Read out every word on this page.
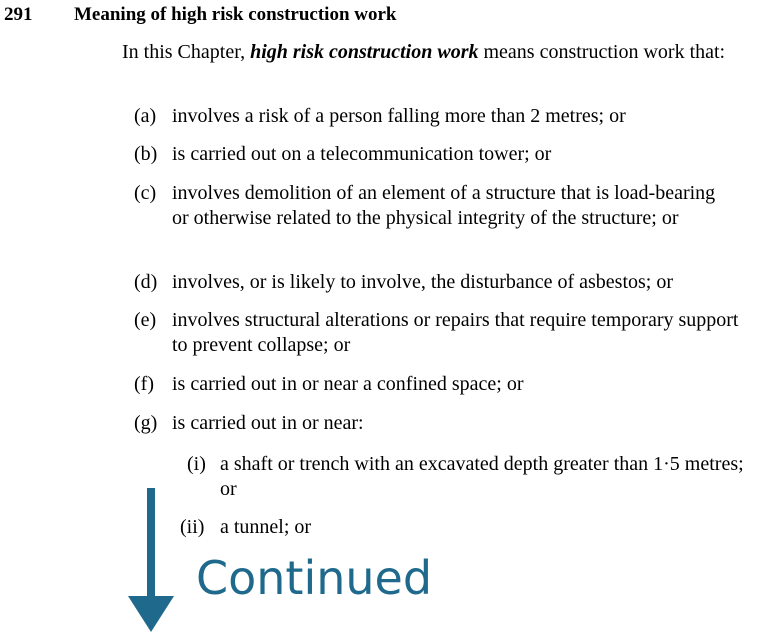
291 Meaning of high risk construction work
In this Chapter, high risk construction work means construction work that:
(a) involves a risk of a person falling more than 2 metres; or
(b) is carried out on a telecommunication tower; or
(c) involves demolition of an element of a structure that is load-bearing or otherwise related to the physical integrity of the structure; or
(d) involves, or is likely to involve, the disturbance of asbestos; or
(e) involves structural alterations or repairs that require temporary support to prevent collapse; or
(f) is carried out in or near a confined space; or
(g) is carried out in or near:
(i) a shaft or trench with an excavated depth greater than 1·5 metres; or
(ii) a tunnel; or
Continued
